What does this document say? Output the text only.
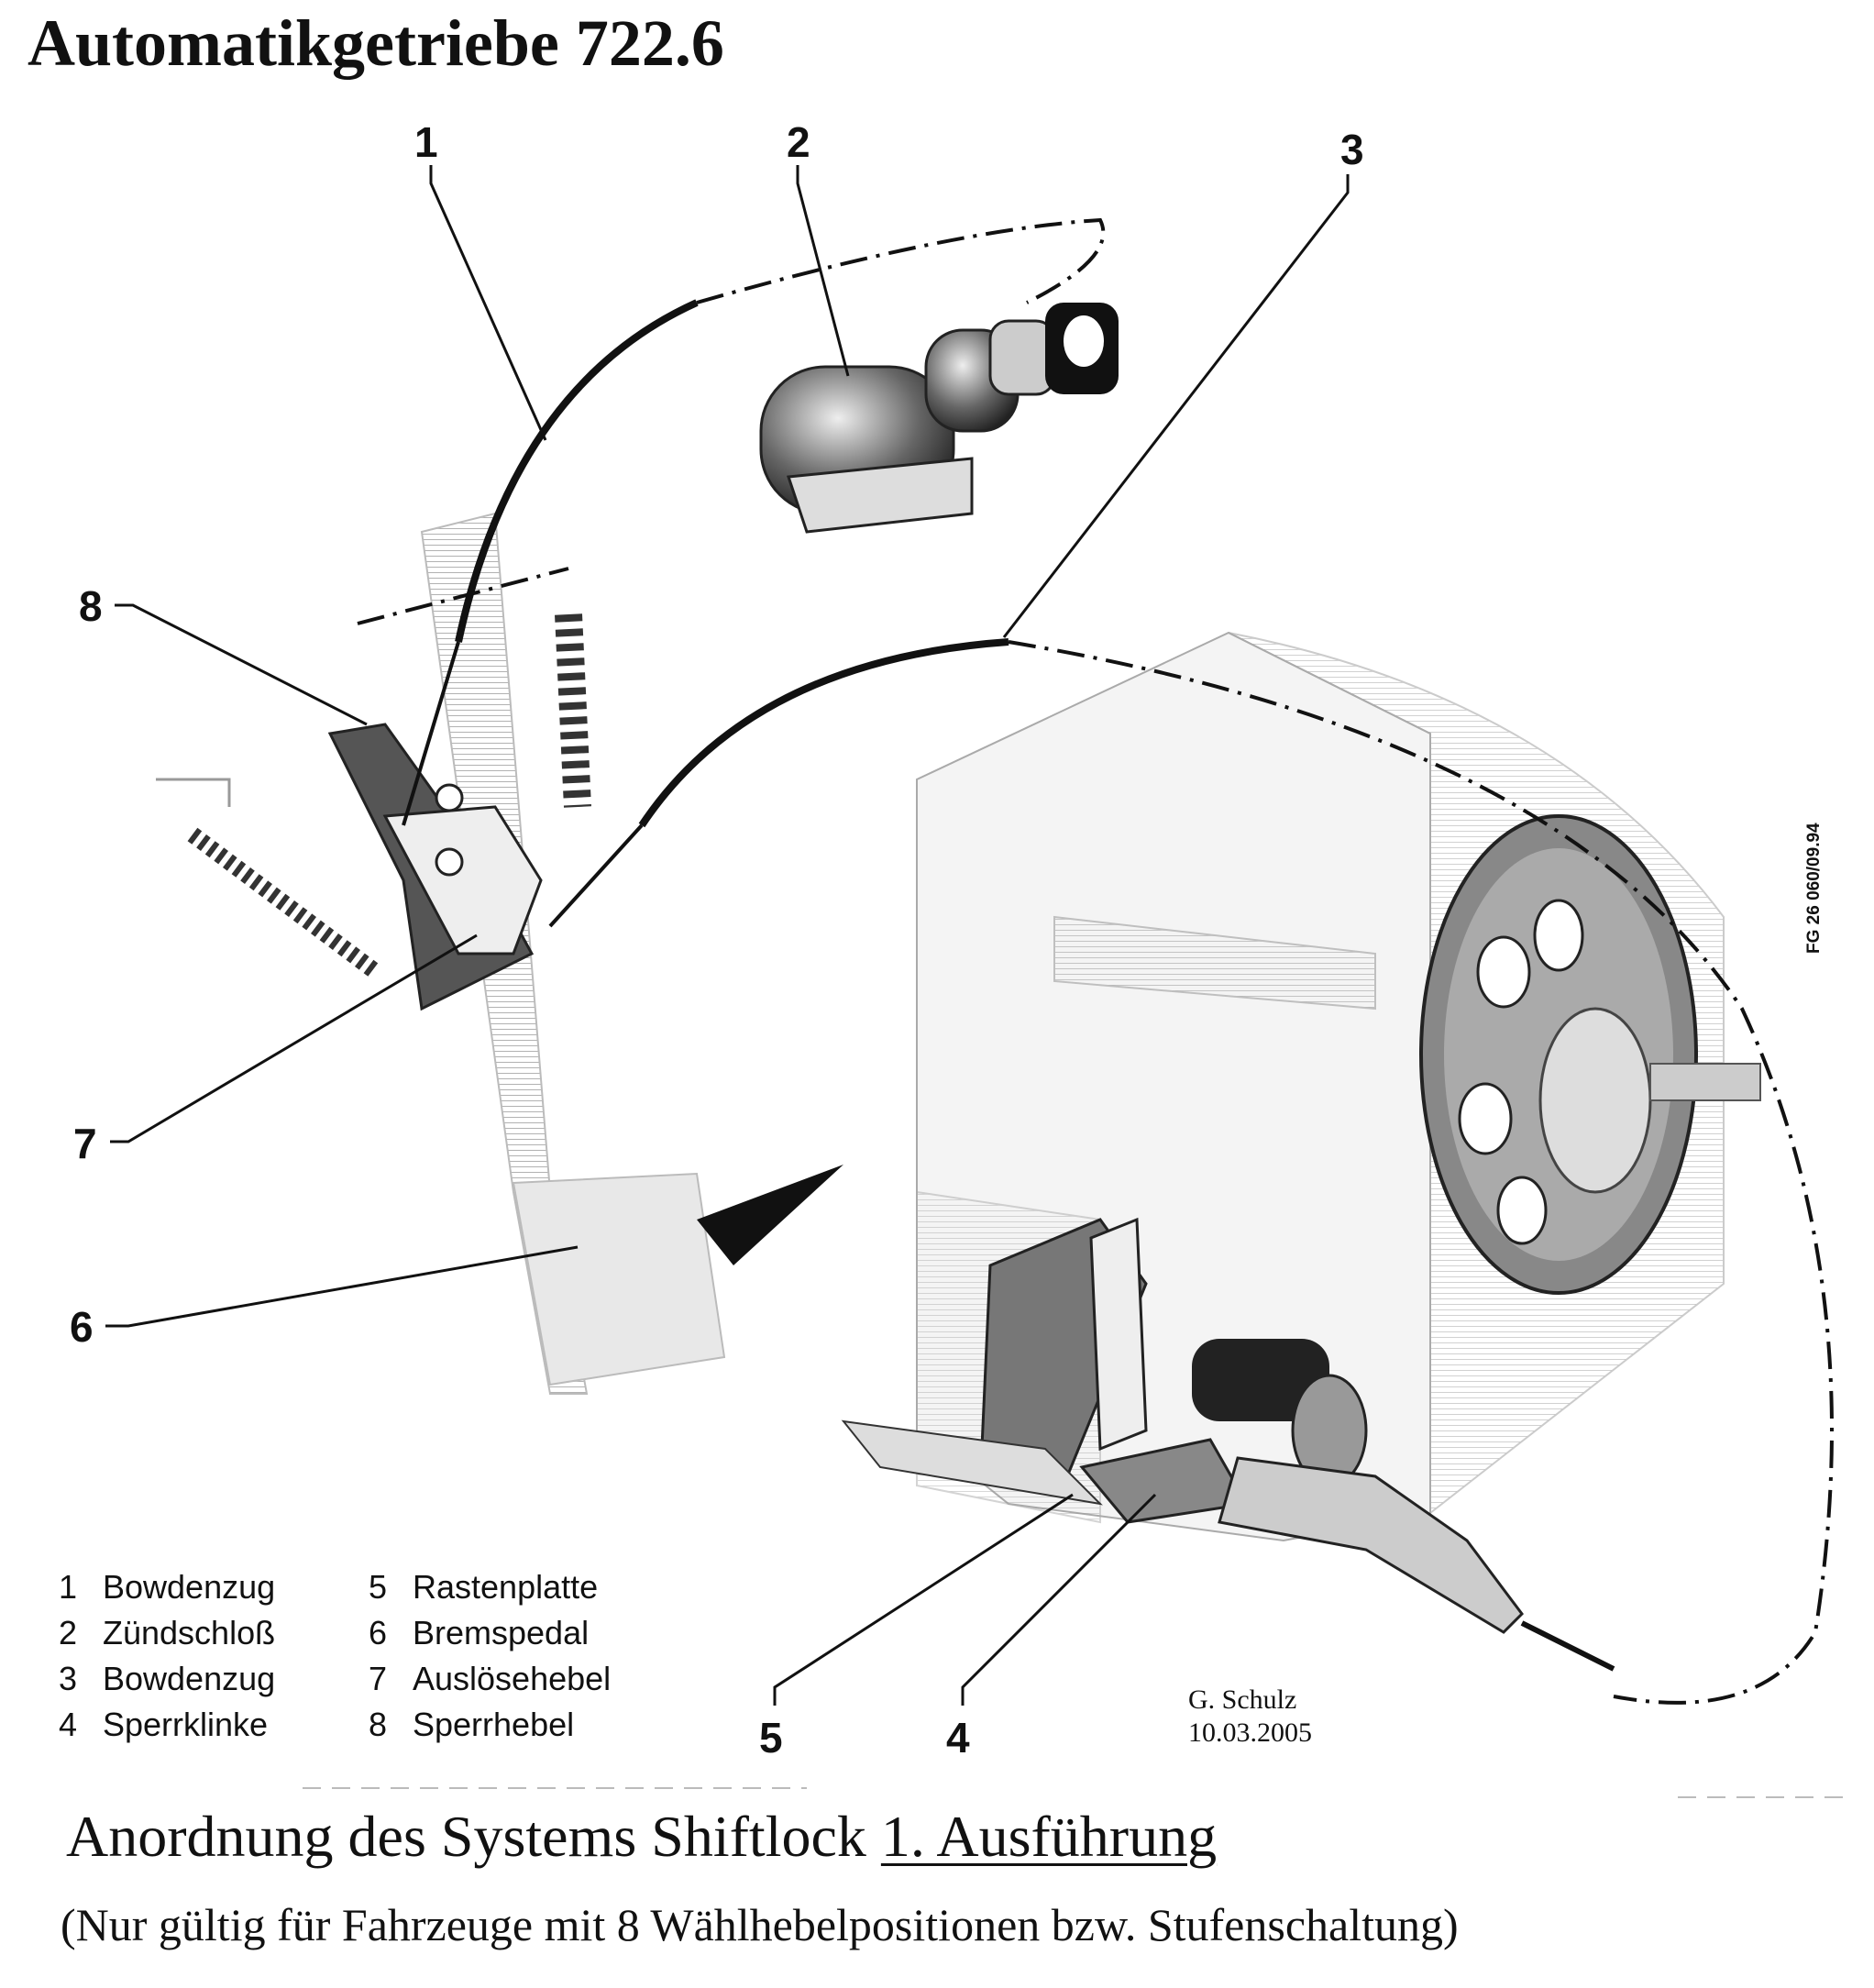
Automatikgetriebe 722.6
1	2	3
4
5
6
7
8
1 Bowdenzug	5 Rastenplatte
2 Zündschloß	6 Bremspedal
3 Bowdenzug	7 Auslösehebel
4 Sperrklinke	8 Sperrhebel
G. Schulz
10.03.2005
FG 26 060/09.94
Anordnung des Systems Shiftlock 1. Ausführung
(Nur gültig für Fahrzeuge mit 8 Wählhebelpositionen bzw. Stufenschaltung)
